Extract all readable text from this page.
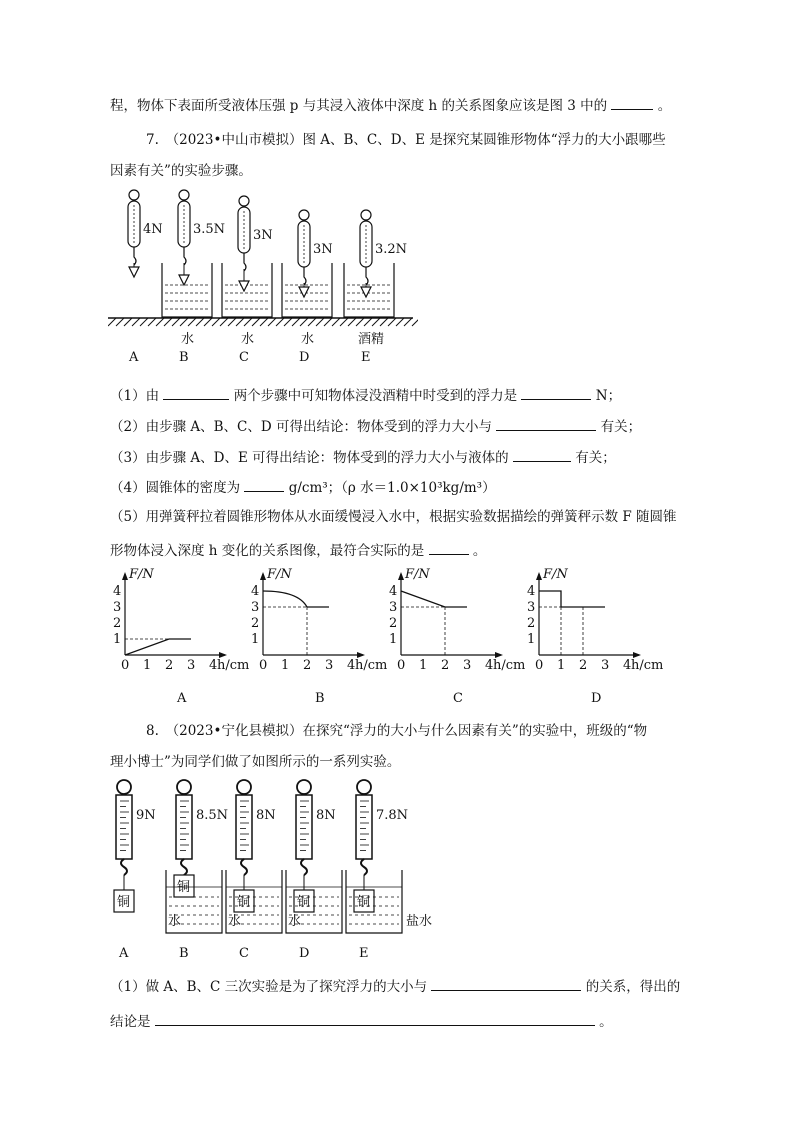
程，物体下表面所受液体压强 p 与其浸入液体中深度 h 的关系图象应该是图 3 中的	。
7.　（2023•中山市模拟）图 A、B、C、D、E 是探究某圆锥形物体“浮力的大小跟哪些
因素有关”的实验步骤。
水	水	水	酒精
4N
A
3.5N
B
3N
C
3N
D
3.2N
E
（1）由	两个步骤中可知物体浸没酒精中时受到的浮力是	N；
（2）由步骤 A、B、C、D 可得出结论：物体受到的浮力大小与	有关；
（3）由步骤 A、D、E 可得出结论：物体受到的浮力大小与液体的	有关；
（4）圆锥体的密度为	g/cm³；（ρ 水＝1.0×10³kg/m³）
（5）用弹簧秤拉着圆锥形物体从水面缓慢浸入水中，根据实验数据描绘的弹簧秤示数 F 随圆锥
形物体浸入深度 h 变化的关系图像，最符合实际的是	。
F/N
h/cm
4
3
2
1
0 1 2 3 4
A
F/N
h/cm
4
3
2
1
0 1 2 3 4
B
F/N
h/cm
4
3
2
1
0 1 2 3 4
C
F/N
h/cm
4
3
2
1
0 1 2 3 4
D
8.　（2023•宁化县模拟）在探究“浮力的大小与什么因素有关”的实验中，班级的“物
理小博士”为同学们做了如图所示的一系列实验。
9N
铜
A
8.5N
铜
水
B
8N
铜
水
C
8N
铜
水
D
7.8N
铜
E
盐水
（1）做 A、B、C 三次实验是为了探究浮力的大小与	的关系，得出的
结论是	。
